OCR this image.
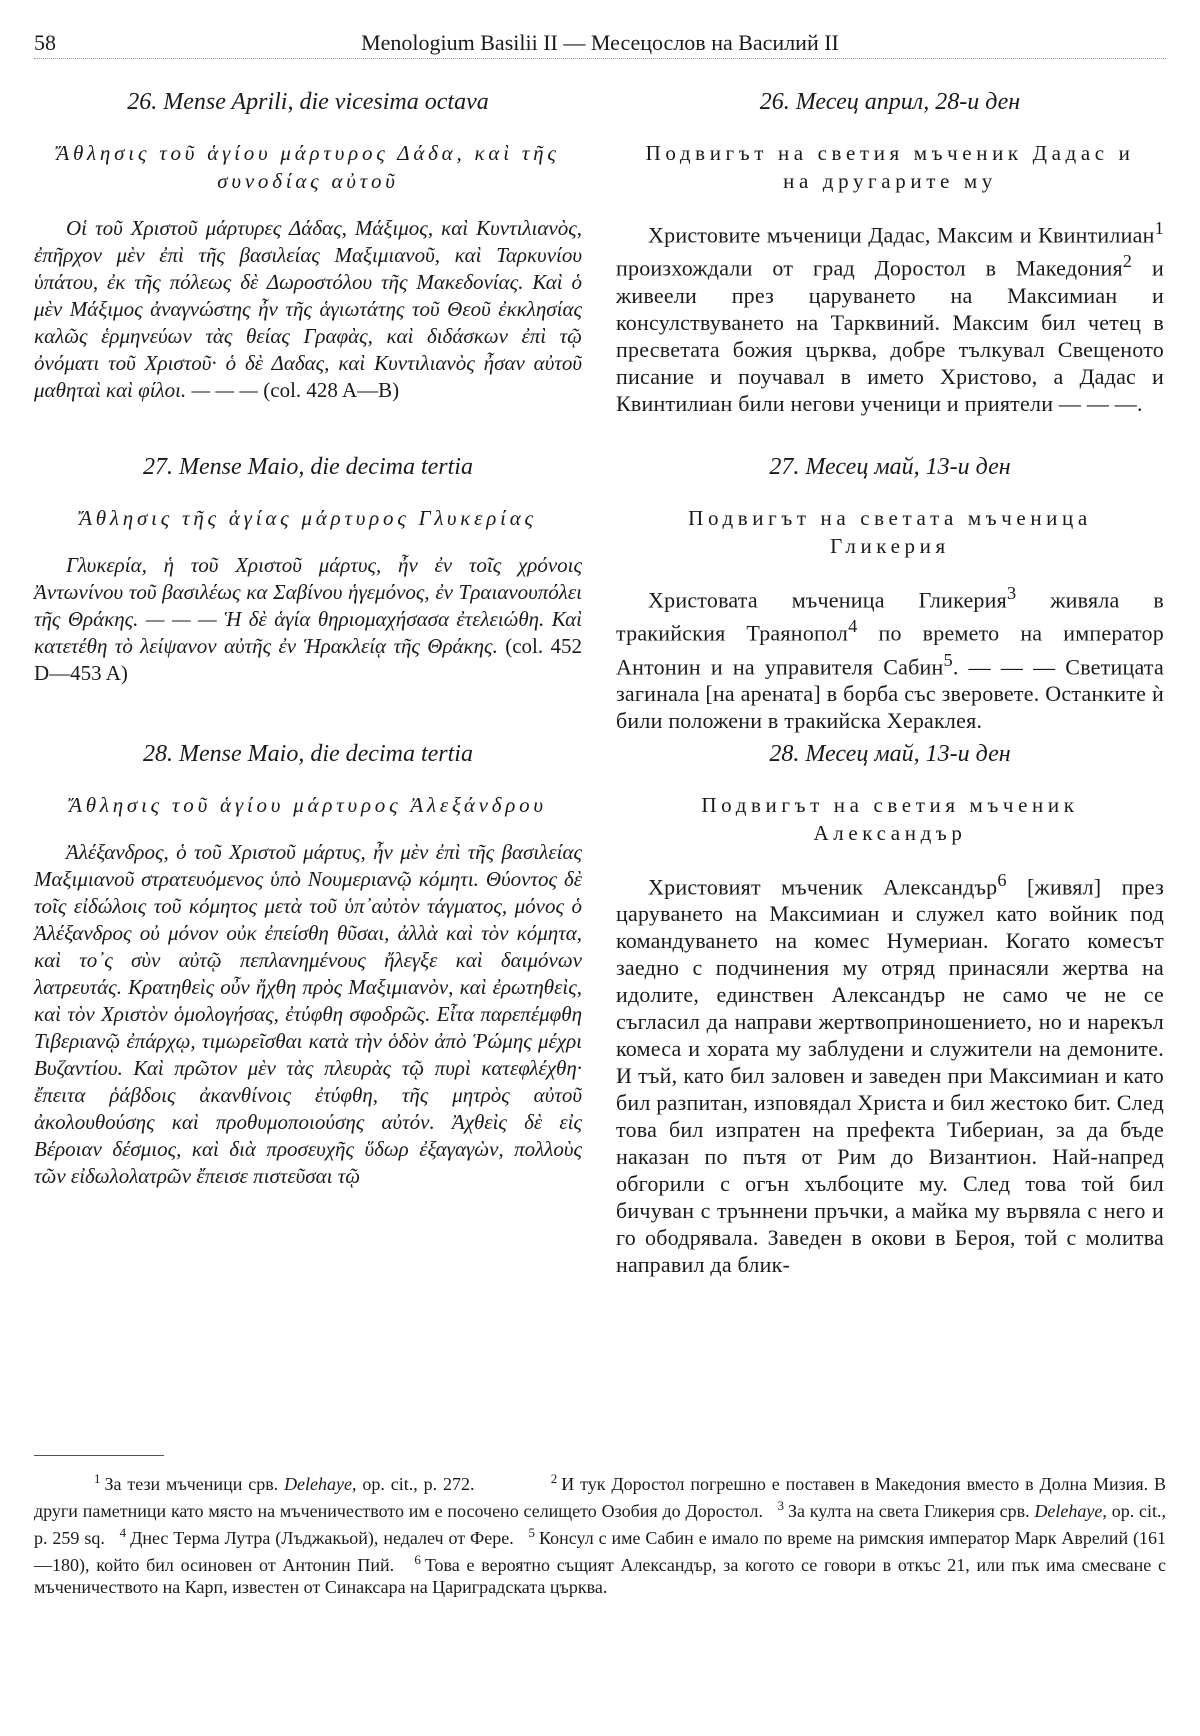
58	Menologium Basilii II — Месецослов на Василий II

26. Mense Aprili, die vicesima octava

Ἄθλησις τοῦ ἁγίου μάρτυρος Δάδα, καὶ τῆς συνοδίας αὐτοῦ

Οἱ τοῦ Χριστοῦ μάρτυρες Δάδας, Μάξιμος, καὶ Κυντιλιανὸς, ἐπῆρχον μὲν ἐπὶ τῆς βασιλείας Μαξιμιανοῦ, καὶ Ταρκυνίου ὑπάτου, ἐκ τῆς πόλεως δὲ Δωροστόλου τῆς Μακεδονίας. Καὶ ὁ μὲν Μάξιμος ἀναγνώστης ἦν τῆς ἁγιωτάτης τοῦ Θεοῦ ἐκκλησίας καλῶς ἑρμηνεύων τὰς θείας Γραφὰς, καὶ διδάσκων ἐπὶ τῷ ὀνόματι τοῦ Χριστοῦ· ὁ δὲ Δαδας, καὶ Κυντιλιανὸς ἦσαν αὐτοῦ μαθηταὶ καὶ φίλοι. — — — (col. 428 A—B)

27. Mense Maio, die decima tertia

Ἄθλησις τῆς ἁγίας μάρτυρος Γλυκερίας

Γλυκερία, ἡ τοῦ Χριστοῦ μάρτυς, ἦν ἐν τοῖς χρόνοις Ἀντωνίνου τοῦ βασιλέως κα Σαβίνου ἡγεμόνος, ἐν Τραιανουπόλει τῆς Θράκης. — — — Ἡ δὲ ἁγία θηριομαχήσασα ἐτελειώθη. Καὶ κατετέθη τὸ λείψανον αὐτῆς ἐν Ἡρακλείᾳ τῆς Θράκης. (col. 452 D—453 A)

28. Mense Maio, die decima tertia

Ἄθλησις τοῦ ἁγίου μάρτυρος Ἀλεξάνδρου

Ἀλέξανδρος, ὁ τοῦ Χριστοῦ μάρτυς, ἦν μὲν ἐπὶ τῆς βασιλείας Μαξιμιανοῦ στρατευόμενος ὑπὸ Νουμεριανῷ κόμητι. Θύοντος δὲ τοῖς εἰδώλοις τοῦ κόμητος μετὰ τοῦ ὑπ᾽αὐτὸν τάγματος, μόνος ὁ Ἀλέξανδρος οὐ μόνον οὐκ ἐπείσθη θῦσαι, ἀλλὰ καὶ τὸν κόμητα, καὶ το᾽ς σὺν αὐτῷ πεπλανημένους ἤλεγξε καὶ δαιμόνων λατρευτάς. Κρατηθεὶς οὖν ἤχθη πρὸς Μαξιμιανὸν, καὶ ἐρωτηθεὶς, καὶ τὸν Χριστὸν ὁμολογήσας, ἐτύφθη σφοδρῶς. Εἶτα παρεπέμφθη Τιβεριανῷ ἐπάρχῳ, τιμωρεῖσθαι κατὰ τὴν ὁδὸν ἀπὸ Ῥώμης μέχρι Βυζαντίου. Καὶ πρῶτον μὲν τὰς πλευρὰς τῷ πυρὶ κατεφλέχθη· ἔπειτα ῥάβδοις ἀκανθίνοις ἐτύφθη, τῆς μητρὸς αὐτοῦ ἀκολουθούσης καὶ προθυμοποιούσης αὐτόν. Ἀχθεὶς δὲ εἰς Βέροιαν δέσμιος, καὶ διὰ προσευχῆς ὕδωρ ἐξαγαγὼν, πολλοὺς τῶν εἰδωλολατρῶν ἔπεισε πιστεῦσαι τῷ

26. Месец април, 28-и ден

Подвигът на светия мъченик Дадас и на другарите му

Христовите мъченици Дадас, Максим и Квинтилиан$^1$ произхождали от град Доростол в Македония$^2$ и живеели през царуването на Максимиан и консулствуването на Тарквиний. Максим бил четец в пресветата божия църква, добре тълкувал Свещеното писание и поучавал в името Христово, а Дадас и Квинтилиан били негови ученици и приятели — — —.

27. Месец май, 13-и ден

Подвигът на светата мъченица Гликерия

Христовата мъченица Гликерия$^3$ живяла в тракийския Траянопол$^4$ по времето на император Антонин и на управителя Сабин$^5$. — — — Светицата загинала [на арената] в борба със зверовете. Останките ѝ били положени в тракийска Хераклея.

28. Месец май, 13-и ден

Подвигът на светия мъченик Александър

Христовият мъченик Александър$^6$ [живял] през царуването на Максимиан и служел като войник под командуването на комес Нумериан. Когато комесът заедно с подчинения му отряд принасяли жертва на идолите, единствен Александър не само че не се съгласил да направи жертвоприношението, но и нарекъл комеса и хората му заблудени и служители на демоните. И тъй, като бил заловен и заведен при Максимиан и като бил разпитан, изповядал Христа и бил жестоко бит. След това бил изпратен на префекта Тибериан, за да бъде наказан по пътя от Рим до Византион. Най-напред обгорили с огън хълбоците му. След това той бил бичуван с тръннени пръчки, а майка му вървяла с него и го ободрявала. Заведен в окови в Бероя, той с молитва направил да блик-

$^1$ За тези мъченици срв. Delehaye, op. cit., p. 272.	$^2$ И тук Доростол погрешно е поставен в Македония вместо в Долна Мизия. В други паметници като място на мъченичеството им е посочено селището Озобия до Доростол. $^3$ За култа на света Гликерия срв. Delehaye, op. cit., p. 259 sq. $^4$ Днес Терма Лутра (Лъджакьой), недалеч от Фере. $^5$ Консул с име Сабин е имало по време на римския император Марк Аврелий (161—180), който бил осиновен от Антонин Пий. $^6$ Това е вероятно същият Александър, за когото се говори в откъс 21, или пък има смесване с мъченичеството на Карп, известен от Синаксара на Цариградската църква.
